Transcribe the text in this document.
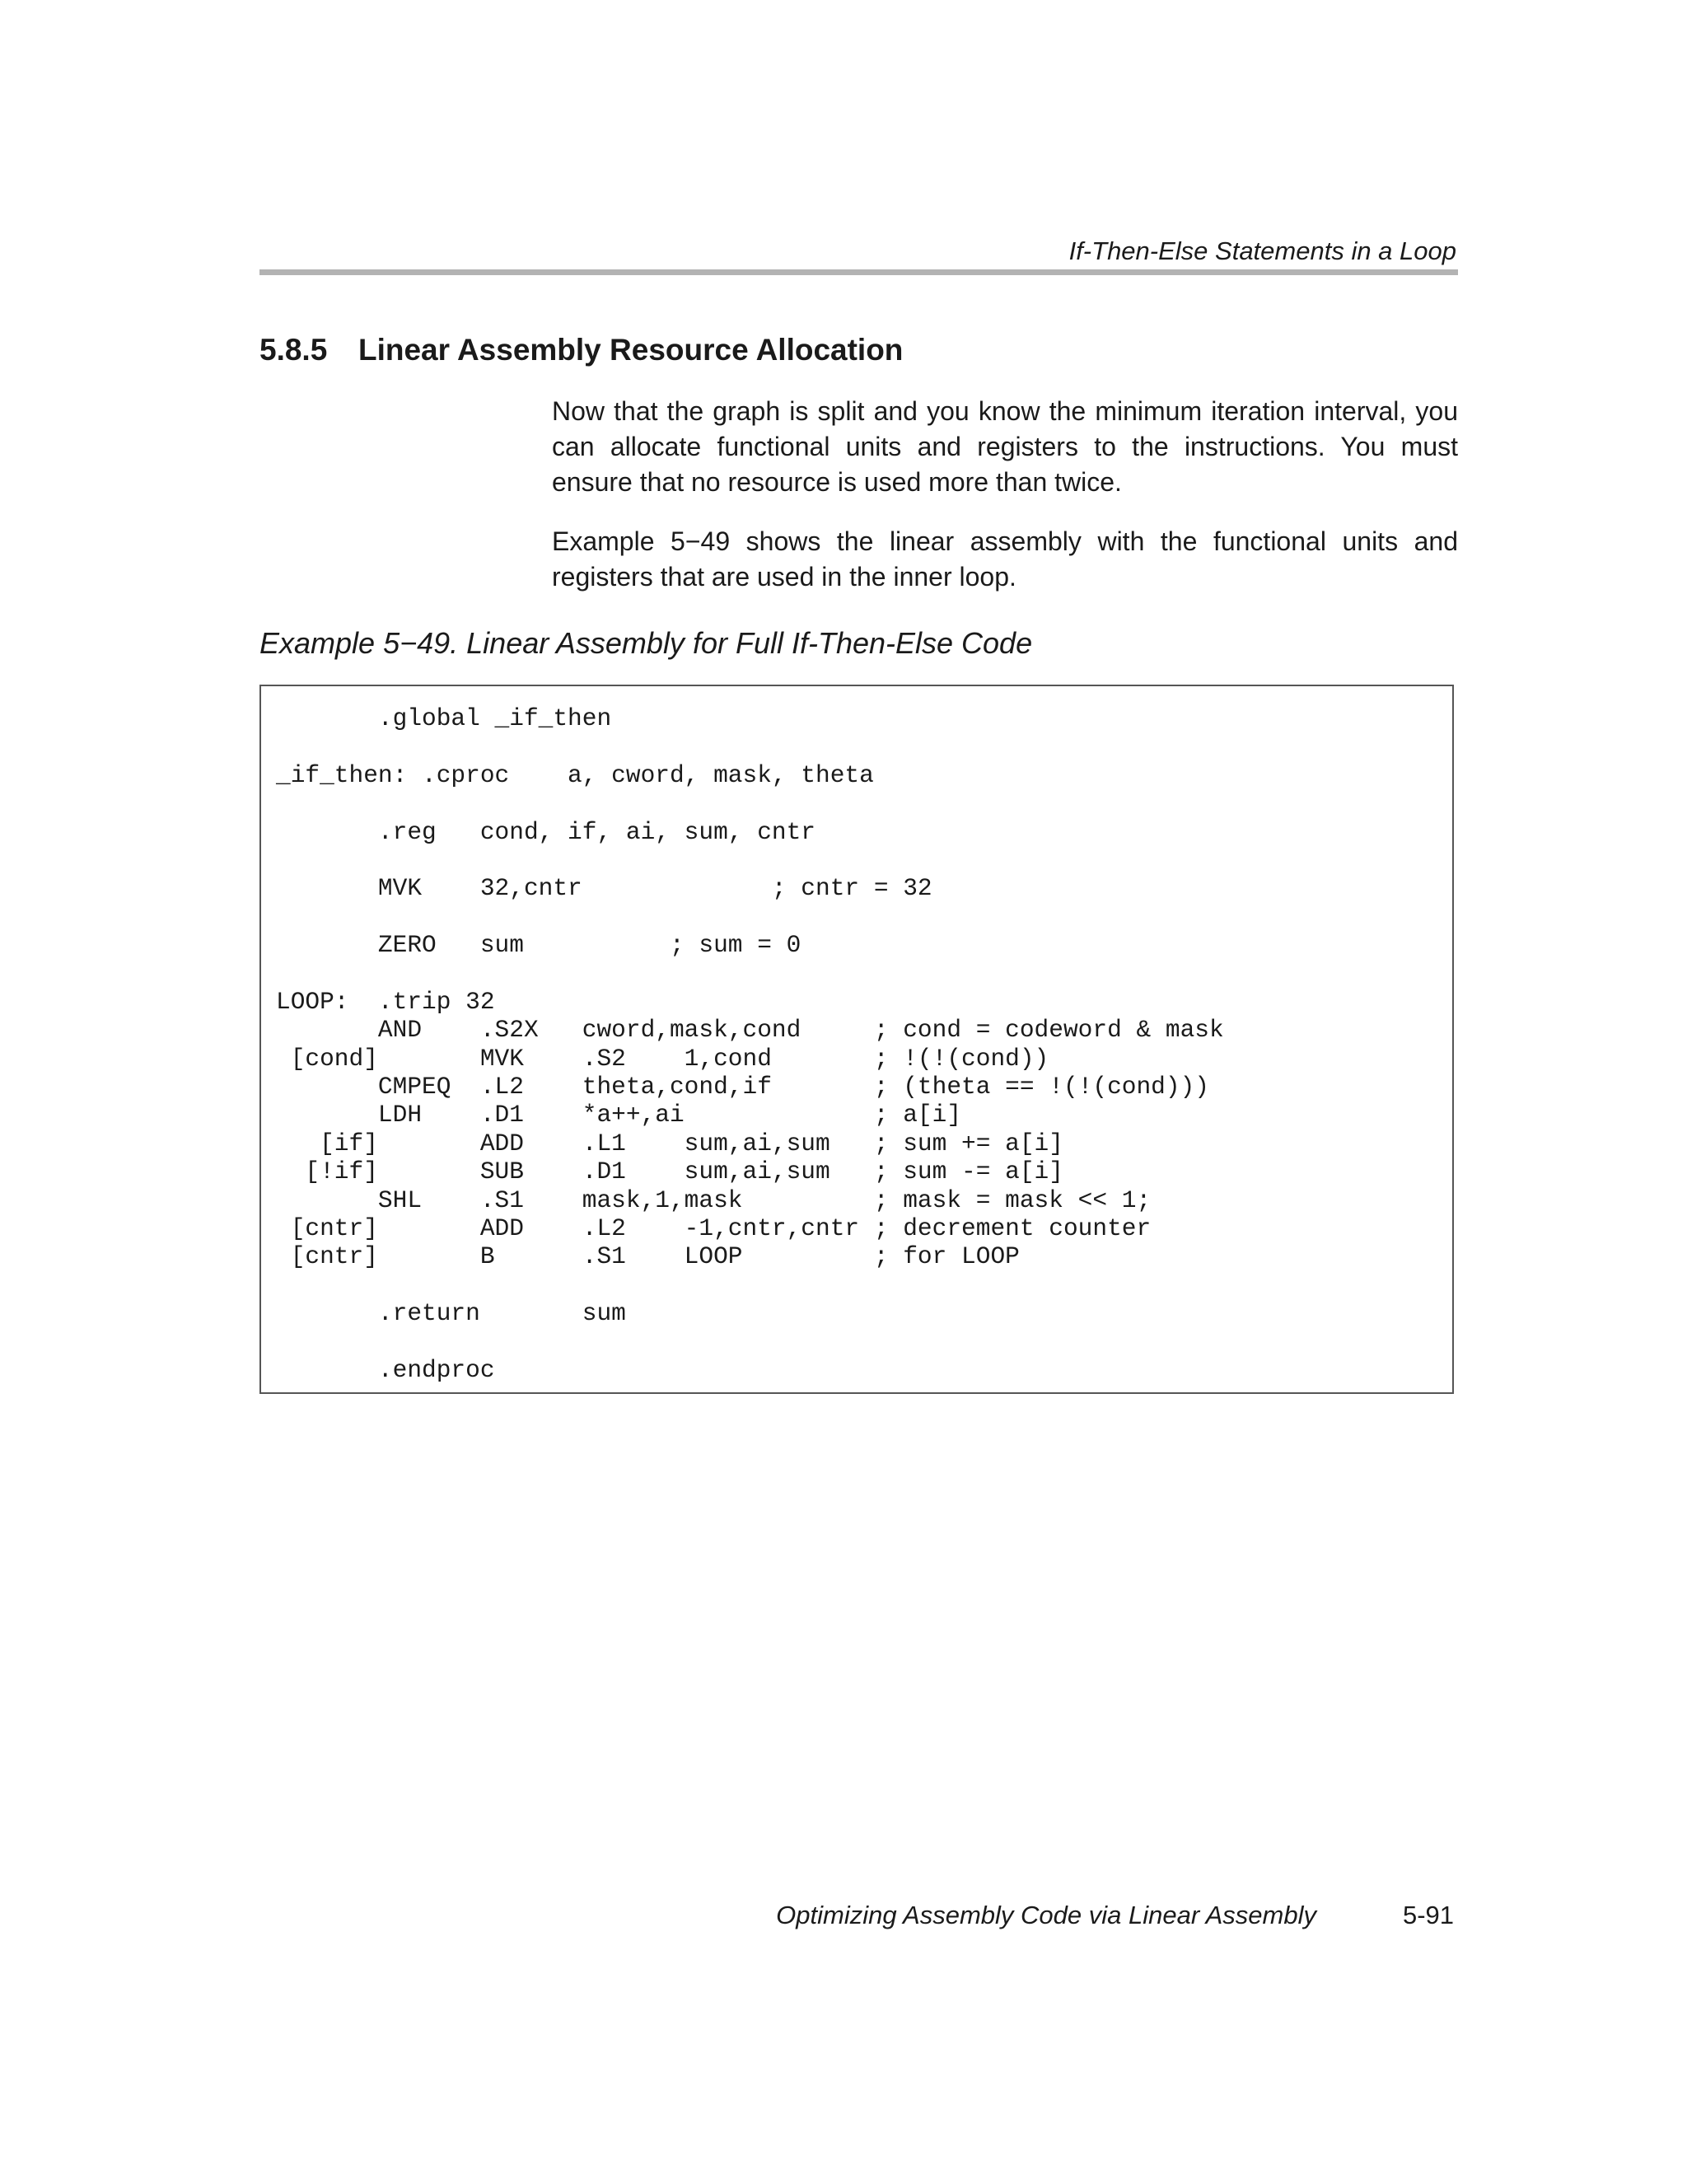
If-Then-Else Statements in a Loop
5.8.5 Linear Assembly Resource Allocation

Now that the graph is split and you know the minimum iteration interval, you can allocate functional units and registers to the instructions. You must ensure that no resource is used more than twice.

Example 5−49 shows the linear assembly with the functional units and registers that are used in the inner loop.

Example 5−49. Linear Assembly for Full If-Then-Else Code
.global _if_then
_if_then: .cproc    a, cword, mask, theta
.reg   cond, if, ai, sum, cntr
MVK    32,cntr             ; cntr = 32
ZERO   sum          ; sum = 0
LOOP:  .trip 32
AND    .S2X   cword,mask,cond     ; cond = codeword & mask
[cond]       MVK    .S2    1,cond       ; !(!(cond))
CMPEQ  .L2    theta,cond,if       ; (theta == !(!(cond)))
LDH    .D1    *a++,ai             ; a[i]
[if]       ADD    .L1    sum,ai,sum   ; sum += a[i]
[!if]       SUB    .D1    sum,ai,sum   ; sum -= a[i]
SHL    .S1    mask,1,mask         ; mask = mask << 1;
[cntr]       ADD    .L2    -1,cntr,cntr ; decrement counter
[cntr]       B      .S1    LOOP         ; for LOOP
.return       sum
.endproc
Optimizing Assembly Code via Linear Assembly	5-91
